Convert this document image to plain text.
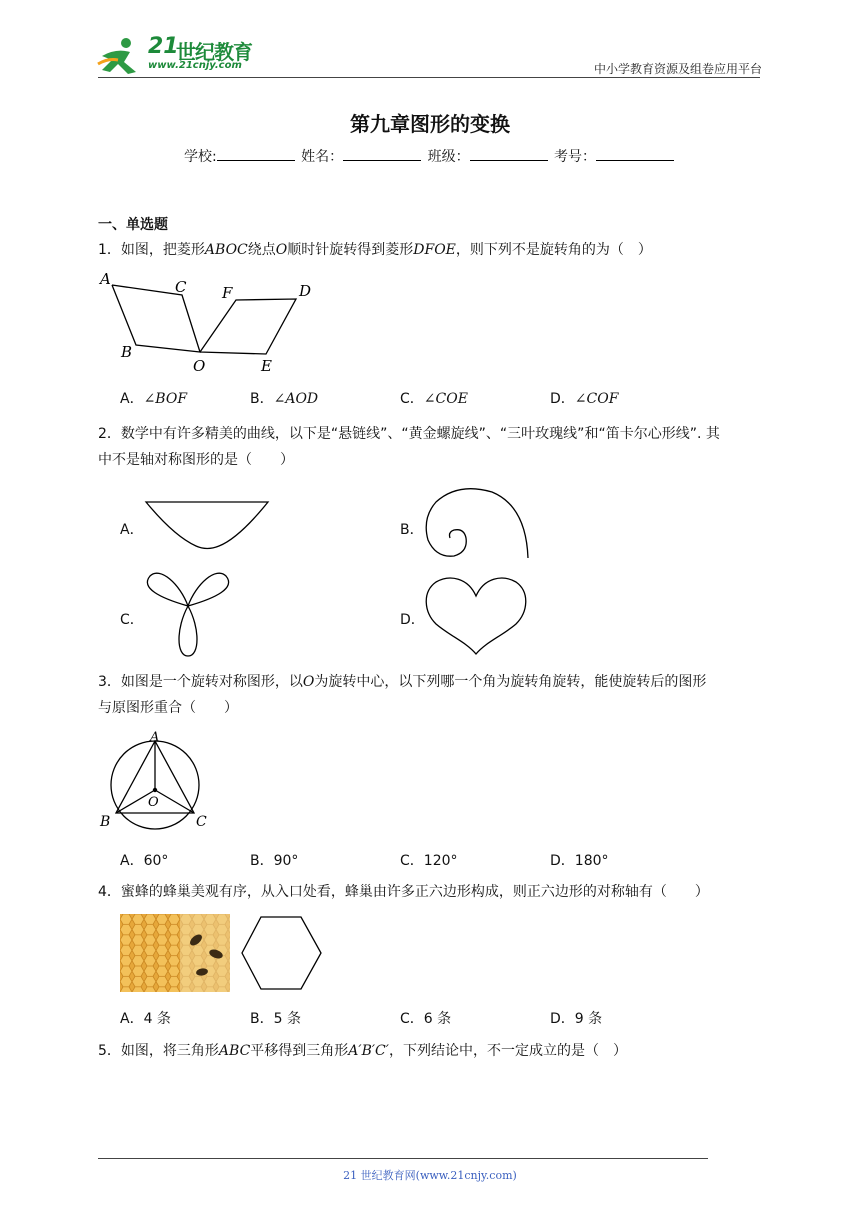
21
世纪教育
www.21cnjy.com	中小学教育资源及组卷应用平台
第九章图形的变换
学校:	姓名：	班级：	考号：
一、单选题
1．如图，把菱形ABOC绕点O顺时针旋转得到菱形DFOE，则下列不是旋转角的为（　）
A	C F	D
B
O	E
A．∠BOF	B．∠AOD	C．∠COE	D．∠COF
2．数学中有许多精美的曲线，以下是“悬链线”、“黄金螺旋线”、“三叶玫瑰线”和“笛卡尔心形线”. 其
中不是轴对称图形的是（　　）
A．	B．
C．	D．
3．如图是一个旋转对称图形，以O为旋转中心，以下列哪一个角为旋转角旋转，能使旋转后的图形
与原图形重合（　　）
A
O
B	C
A．60°	B．90°	C．120°	D．180°
4．蜜蜂的蜂巢美观有序，从入口处看，蜂巢由许多正六边形构成，则正六边形的对称轴有（　　）
A．4 条	B．5 条	C．6 条	D．9 条
5．如图，将三角形ABC平移得到三角形A′B′C′，下列结论中，不一定成立的是（　）
21 世纪教育网(www.21cnjy.com)
